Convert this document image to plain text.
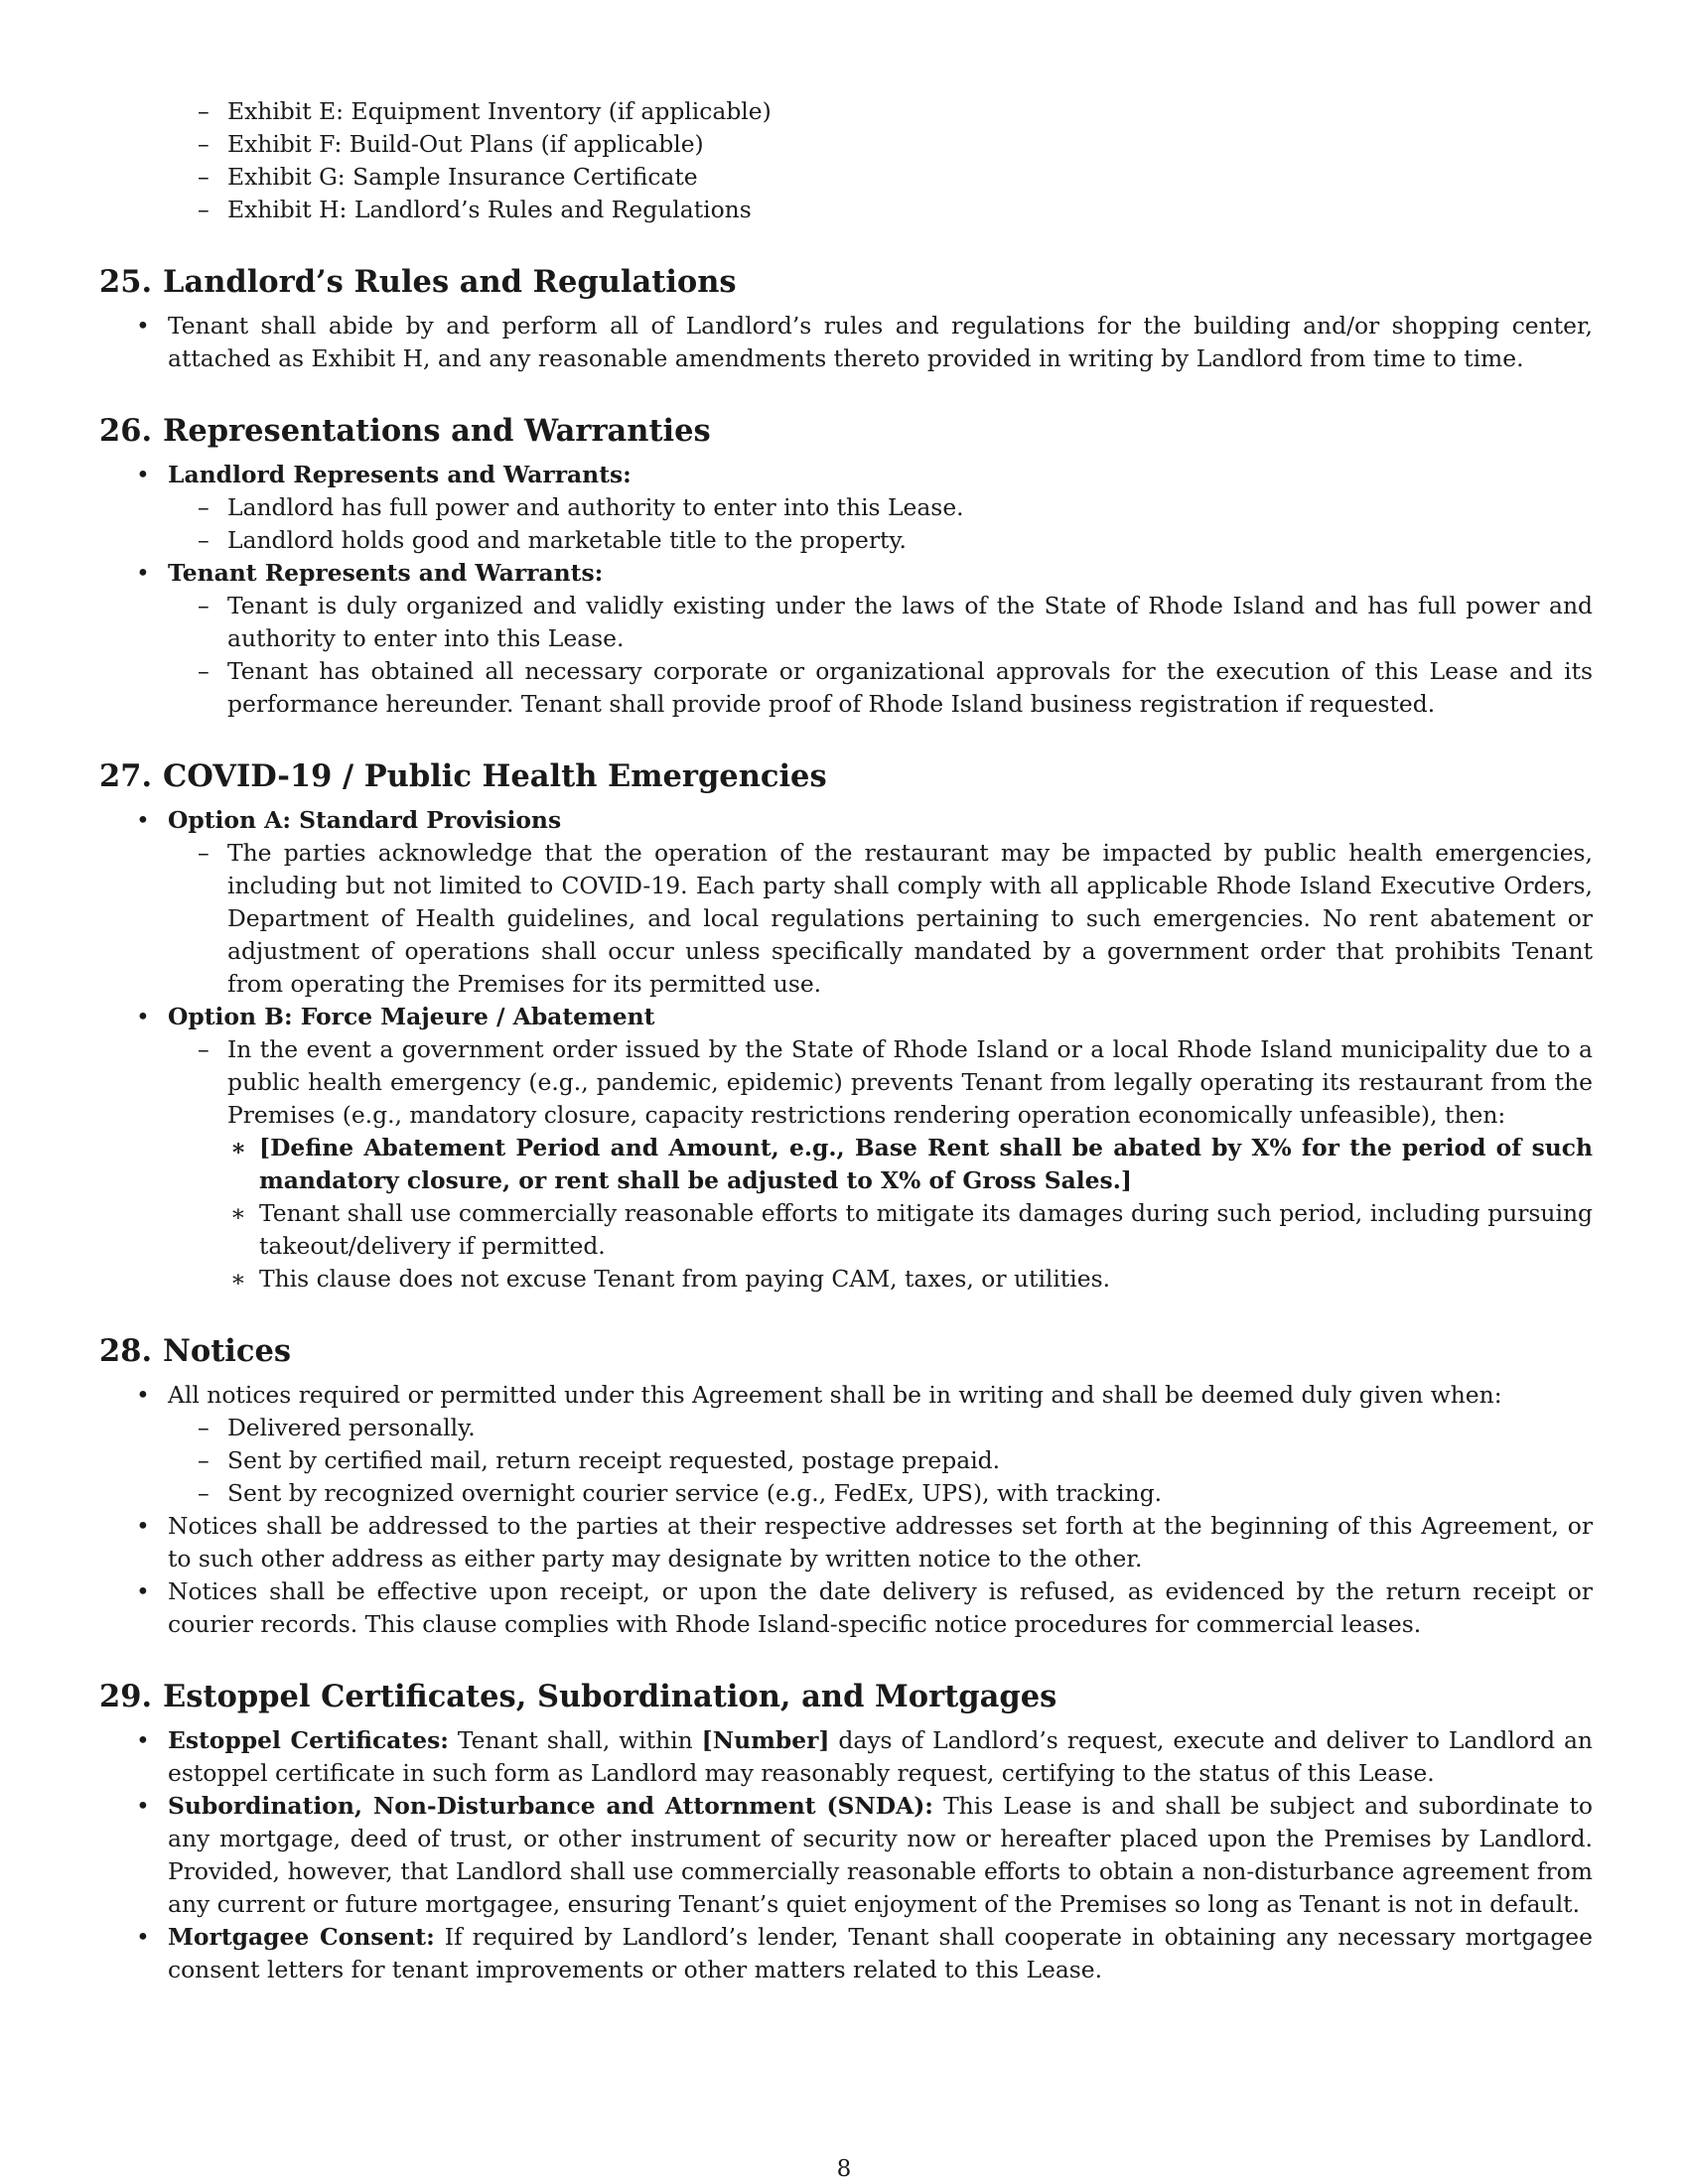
– Exhibit E: Equipment Inventory (if applicable)
– Exhibit F: Build-Out Plans (if applicable)
– Exhibit G: Sample Insurance Certificate
– Exhibit H: Landlord’s Rules and Regulations
25. Landlord’s Rules and Regulations
• Tenant shall abide by and perform all of Landlord’s rules and regulations for the building and/or shopping center, attached as Exhibit H, and any reasonable amendments thereto provided in writing by Landlord from time to time.
26. Representations and Warranties
• Landlord Represents and Warrants:
– Landlord has full power and authority to enter into this Lease.
– Landlord holds good and marketable title to the property.
• Tenant Represents and Warrants:
– Tenant is duly organized and validly existing under the laws of the State of Rhode Island and has full power and authority to enter into this Lease.
– Tenant has obtained all necessary corporate or organizational approvals for the execution of this Lease and its performance hereunder. Tenant shall provide proof of Rhode Island business registration if requested.
27. COVID-19 / Public Health Emergencies
• Option A: Standard Provisions
– The parties acknowledge that the operation of the restaurant may be impacted by public health emergencies, including but not limited to COVID-19. Each party shall comply with all applicable Rhode Island Executive Orders, Department of Health guidelines, and local regulations pertaining to such emergencies. No rent abatement or adjustment of operations shall occur unless specifically mandated by a government order that prohibits Tenant from operating the Premises for its permitted use.
• Option B: Force Majeure / Abatement
– In the event a government order issued by the State of Rhode Island or a local Rhode Island municipality due to a public health emergency (e.g., pandemic, epidemic) prevents Tenant from legally operating its restaurant from the Premises (e.g., mandatory closure, capacity restrictions rendering operation economically unfeasible), then:
∗ [Define Abatement Period and Amount, e.g., Base Rent shall be abated by X% for the period of such mandatory closure, or rent shall be adjusted to X% of Gross Sales.]
∗ Tenant shall use commercially reasonable efforts to mitigate its damages during such period, including pursuing takeout/delivery if permitted.
∗ This clause does not excuse Tenant from paying CAM, taxes, or utilities.
28. Notices
• All notices required or permitted under this Agreement shall be in writing and shall be deemed duly given when:
– Delivered personally.
– Sent by certified mail, return receipt requested, postage prepaid.
– Sent by recognized overnight courier service (e.g., FedEx, UPS), with tracking.
• Notices shall be addressed to the parties at their respective addresses set forth at the beginning of this Agreement, or to such other address as either party may designate by written notice to the other.
• Notices shall be effective upon receipt, or upon the date delivery is refused, as evidenced by the return receipt or courier records. This clause complies with Rhode Island-specific notice procedures for commercial leases.
29. Estoppel Certificates, Subordination, and Mortgages
• Estoppel Certificates: Tenant shall, within [Number] days of Landlord’s request, execute and deliver to Landlord an estoppel certificate in such form as Landlord may reasonably request, certifying to the status of this Lease.
• Subordination, Non-Disturbance and Attornment (SNDA): This Lease is and shall be subject and subordinate to any mortgage, deed of trust, or other instrument of security now or hereafter placed upon the Premises by Landlord. Provided, however, that Landlord shall use commercially reasonable efforts to obtain a non-disturbance agreement from any current or future mortgagee, ensuring Tenant’s quiet enjoyment of the Premises so long as Tenant is not in default.
• Mortgagee Consent: If required by Landlord’s lender, Tenant shall cooperate in obtaining any necessary mortgagee consent letters for tenant improvements or other matters related to this Lease.
8
